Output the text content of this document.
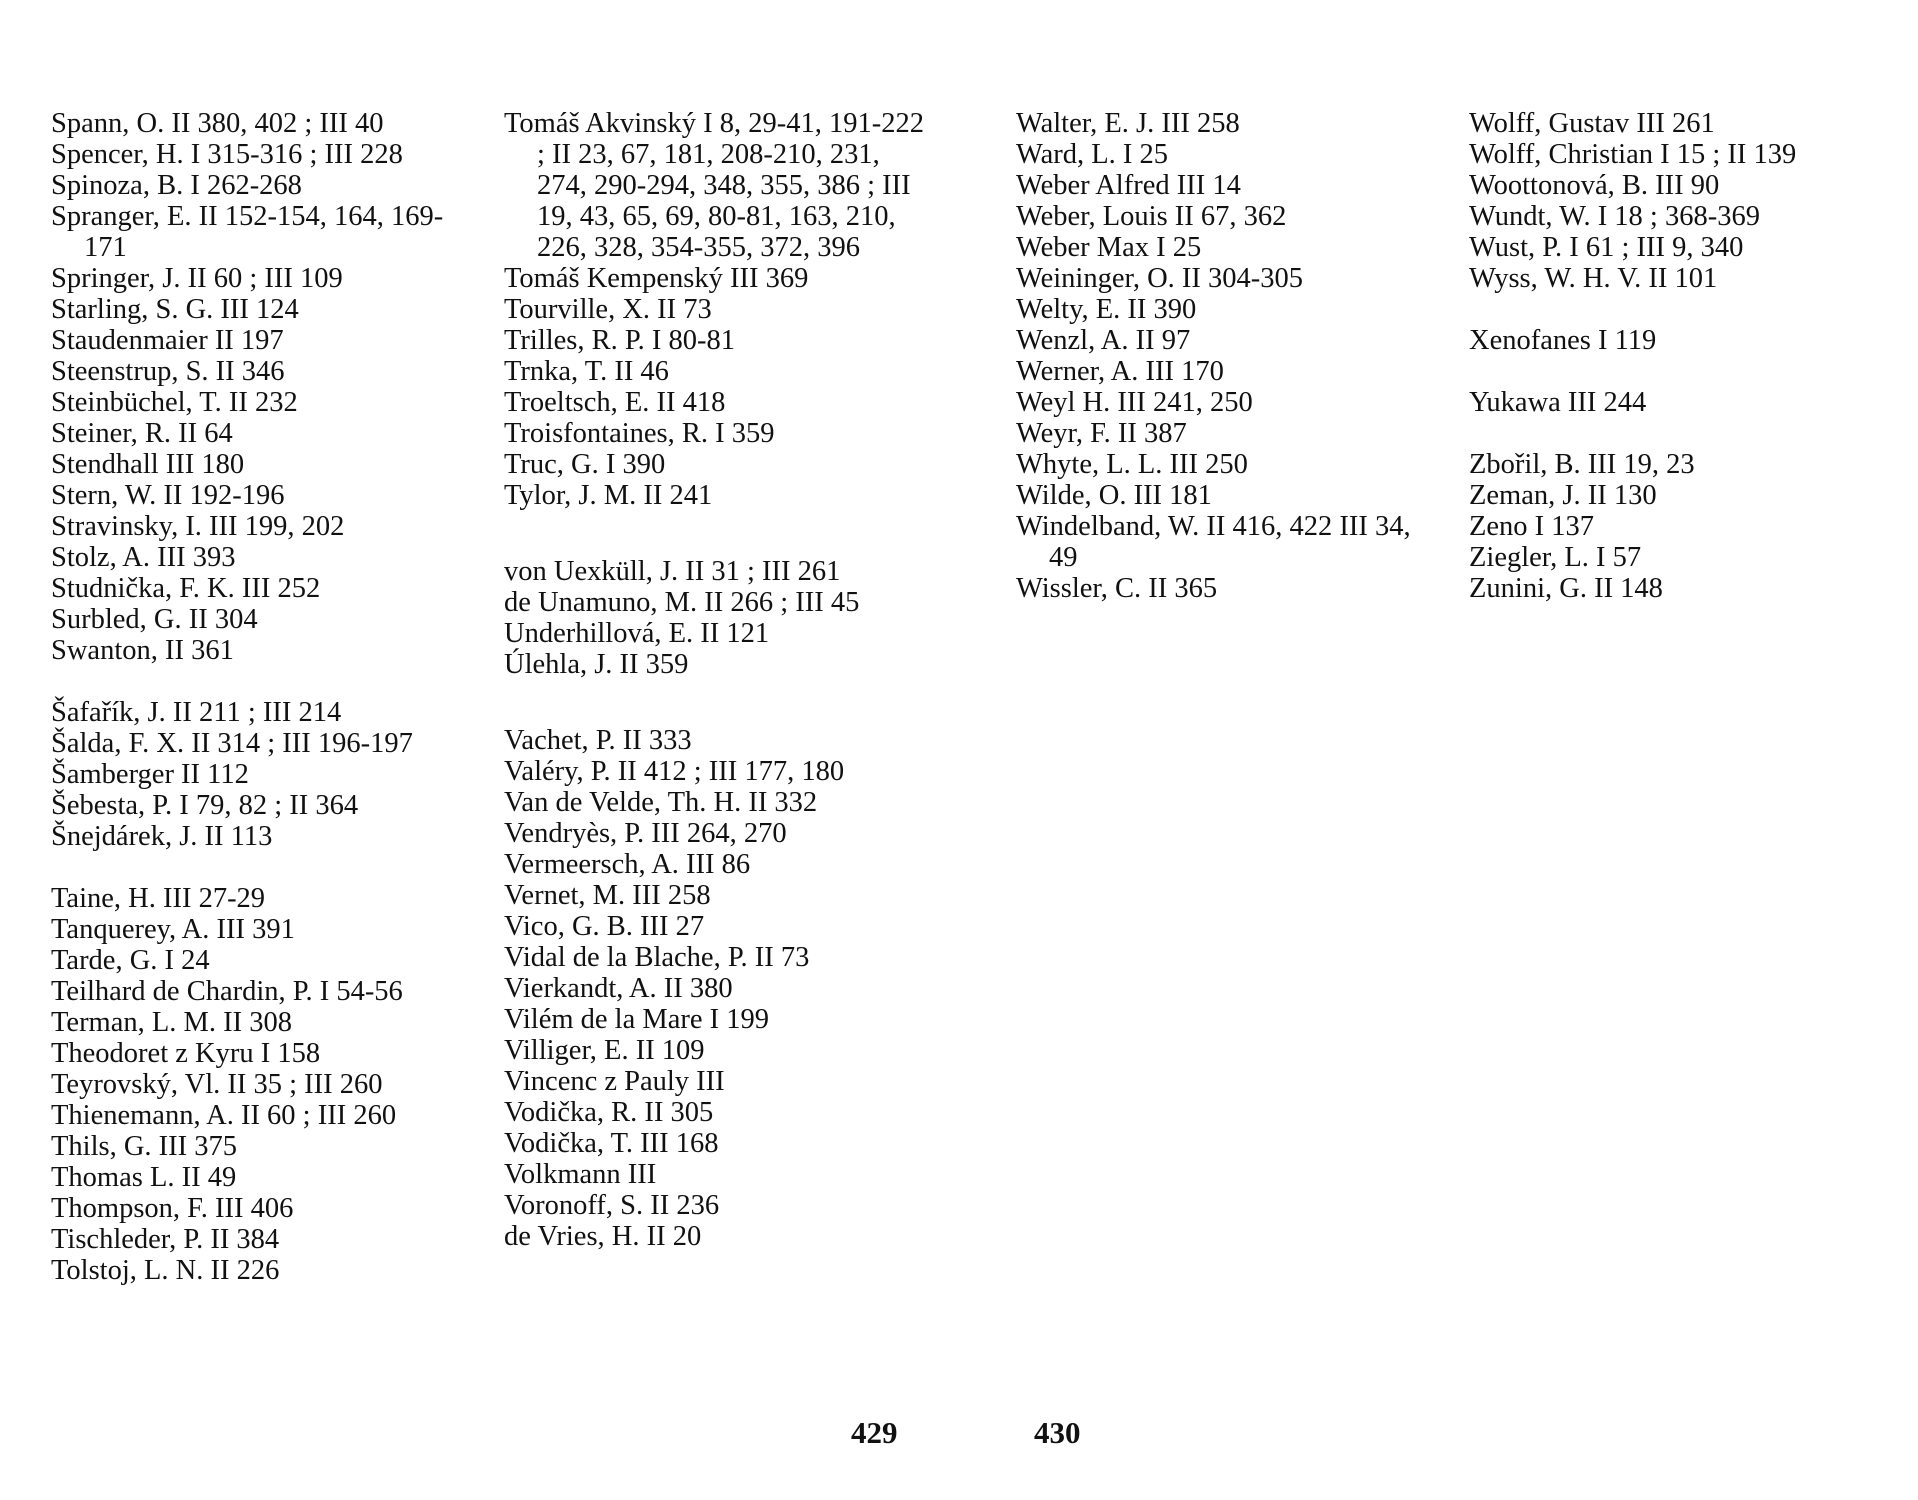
Spann, O. II 380, 402 ; III 40

Spencer, H. I 315-316 ; III 228

Spinoza, B. I 262-268

Spranger, E. II 152-154, 164, 169-171

Springer, J. II 60 ; III 109

Starling, S. G. III 124

Staudenmaier II 197

Steenstrup, S. II 346

Steinbüchel, T. II 232

Steiner, R. II 64

Stendhall III 180

Stern, W. II 192-196

Stravinsky, I. III 199, 202

Stolz, A. III 393

Studnička, F. K. III 252

Surbled, G. II 304

Swanton, II 361

Šafařík, J. II 211 ; III 214

Šalda, F. X. II 314 ; III 196-197

Šamberger II 112

Šebesta, P. I 79, 82 ; II 364

Šnejdárek, J. II 113

Taine, H. III 27-29

Tanquerey, A. III 391

Tarde, G. I 24

Teilhard de Chardin, P. I 54-56

Terman, L. M. II 308

Theodoret z Kyru I 158

Teyrovský, Vl. II 35 ; III 260

Thienemann, A. II 60 ; III 260

Thils, G. III 375

Thomas L. II 49

Thompson, F. III 406

Tischleder, P. II 384

Tolstoj, L. N. II 226

Tomáš Akvinský I 8, 29-41, 191-222 ; II 23, 67, 181, 208-210, 231, 274, 290-294, 348, 355, 386 ; III 19, 43, 65, 69, 80-81, 163, 210, 226, 328, 354-355, 372, 396

Tomáš Kempenský III 369

Tourville, X. II 73

Trilles, R. P. I 80-81

Trnka, T. II 46

Troeltsch, E. II 418

Troisfontaines, R. I 359

Truc, G. I 390

Tylor, J. M. II 241

von Uexküll, J. II 31 ; III 261

de Unamuno, M. II 266 ; III 45

Underhillová, E. II 121

Úlehla, J. II 359

Vachet, P. II 333

Valéry, P. II 412 ; III 177, 180

Van de Velde, Th. H. II 332

Vendryès, P. III 264, 270

Vermeersch, A. III 86

Vernet, M. III 258

Vico, G. B. III 27

Vidal de la Blache, P. II 73

Vierkandt, A. II 380

Vilém de la Mare I 199

Villiger, E. II 109

Vincenc z Pauly III

Vodička, R. II 305

Vodička, T. III 168

Volkmann III

Voronoff, S. II 236

de Vries, H. II 20

Walter, E. J. III 258

Ward, L. I 25

Weber Alfred III 14

Weber, Louis II 67, 362

Weber Max I 25

Weininger, O. II 304-305

Welty, E. II 390

Wenzl, A. II 97

Werner, A. III 170

Weyl H. III 241, 250

Weyr, F. II 387

Whyte, L. L. III 250

Wilde, O. III 181

Windelband, W. II 416, 422 III 34, 49

Wissler, C. II 365

Wolff, Gustav III 261

Wolff, Christian I 15 ; II 139

Woottonová, B. III 90

Wundt, W. I 18 ; 368-369

Wust, P. I 61 ; III 9, 340

Wyss, W. H. V. II 101

Xenofanes I 119

Yukawa III 244

Zbořil, B. III 19, 23

Zeman, J. II 130

Zeno I 137

Ziegler, L. I 57

Zunini, G. II 148

429	430
